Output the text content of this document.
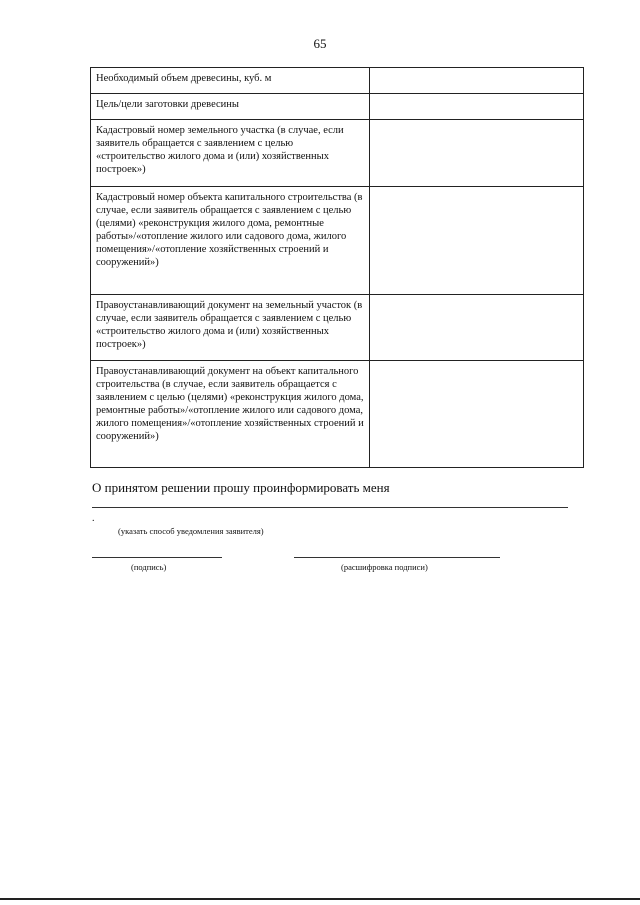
65
Необходимый объем древесины, куб. м	
Цель/цели заготовки древесины	
Кадастровый номер земельного участка (в случае, если заявитель обращается с заявлением с целью «строительство жилого дома и (или) хозяйственных построек»)	
Кадастровый номер объекта капитального строительства (в случае, если заявитель обращается с заявлением с целью (целями) «реконструкция жилого дома, ремонтные работы»/«отопление жилого или садового дома, жилого помещения»/«отопление хозяйственных строений и сооружений»)	
Правоустанавливающий документ на земельный участок (в случае, если заявитель обращается с заявлением с целью «строительство жилого дома и (или) хозяйственных построек»)	
Правоустанавливающий документ на объект капитального строительства (в случае, если заявитель обращается с заявлением с целью (целями) «реконструкция жилого дома, ремонтные работы»/«отопление жилого или садового дома, жилого помещения»/«отопление хозяйственных строений и сооружений»)	
О принятом решении прошу проинформировать меня
.
(указать способ уведомления заявителя)
(подпись)	(расшифровка подписи)
